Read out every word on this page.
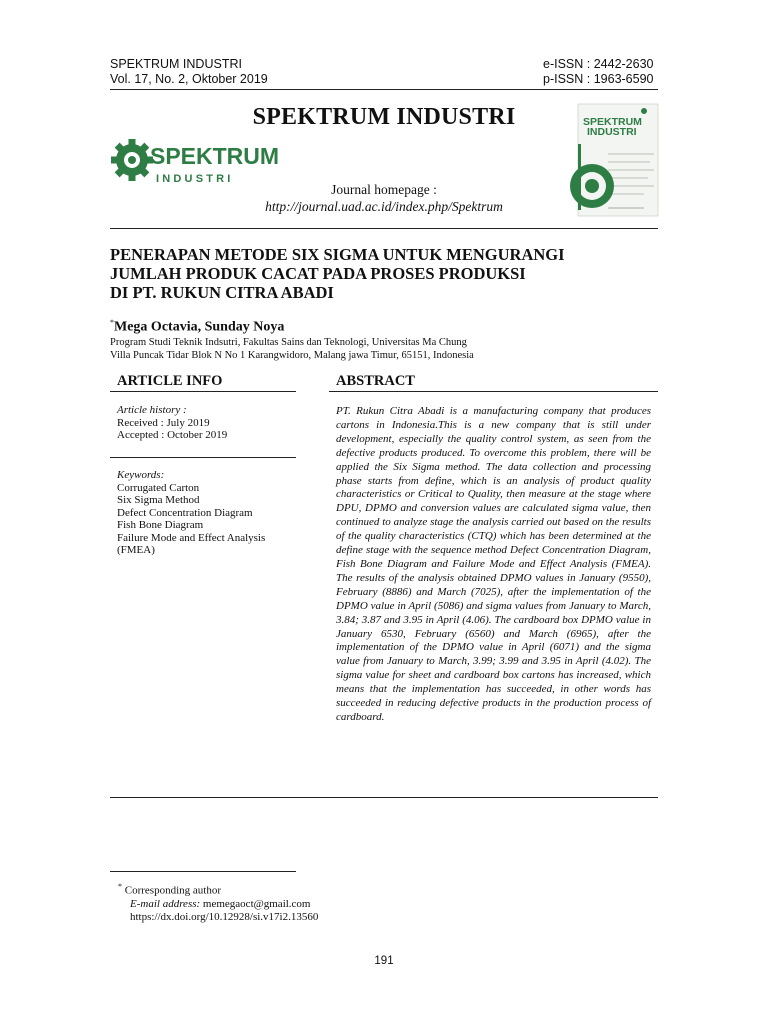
SPEKTRUM INDUSTRI
Vol. 17, No. 2, Oktober 2019
e-ISSN : 2442-2630
p-ISSN : 1963-6590
SPEKTRUM
INDUSTRI
SPEKTRUM INDUSTRI
Journal homepage :
http://journal.uad.ac.id/index.php/Spektrum
SPEKTRUM
INDUSTRI
PENERAPAN METODE SIX SIGMA UNTUK MENGURANGI
JUMLAH PRODUK CACAT PADA PROSES PRODUKSI
DI PT. RUKUN CITRA ABADI
*Mega Octavia, Sunday Noya
Program Studi Teknik Indsutri, Fakultas Sains dan Teknologi, Universitas Ma Chung
Villa Puncak Tidar Blok N No 1 Karangwidoro, Malang jawa Timur, 65151, Indonesia
ARTICLE INFO
Article history :
Received : July 2019
Accepted : October 2019
Keywords:
Corrugated Carton
Six Sigma Method
Defect Concentration Diagram
Fish Bone Diagram
Failure Mode and Effect Analysis
(FMEA)
ABSTRACT
PT. Rukun Citra Abadi is a manufacturing company that produces cartons in Indonesia.This is a new company that is still under development, especially the quality control system, as seen from the defective products produced. To overcome this problem, there will be applied the Six Sigma method. The data collection and processing phase starts from define, which is an analysis of product quality characteristics or Critical to Quality, then measure at the stage where DPU, DPMO and conversion values are calculated sigma value, then continued to analyze stage the analysis carried out based on the results of the quality characteristics (CTQ) which has been determined at the define stage with the sequence method Defect Concentration Diagram, Fish Bone Diagram and Failure Mode and Effect Analysis (FMEA). The results of the analysis obtained DPMO values in January (9550), February (8886) and March (7025), after the implementation of the DPMO value in April (5086) and sigma values from January to March, 3.84; 3.87 and 3.95 in April (4.06). The cardboard box DPMO value in January 6530, February (6560) and March (6965), after the implementation of the DPMO value in April (6071) and the sigma value from January to March, 3.99; 3.99 and 3.95 in April (4.02). The sigma value for sheet and cardboard box cartons has increased, which means that the implementation has succeeded, in other words has succeeded in reducing defective products in the production process of cardboard.
* Corresponding author
E-mail address: memegaoct@gmail.com
https://dx.doi.org/10.12928/si.v17i2.13560
191
